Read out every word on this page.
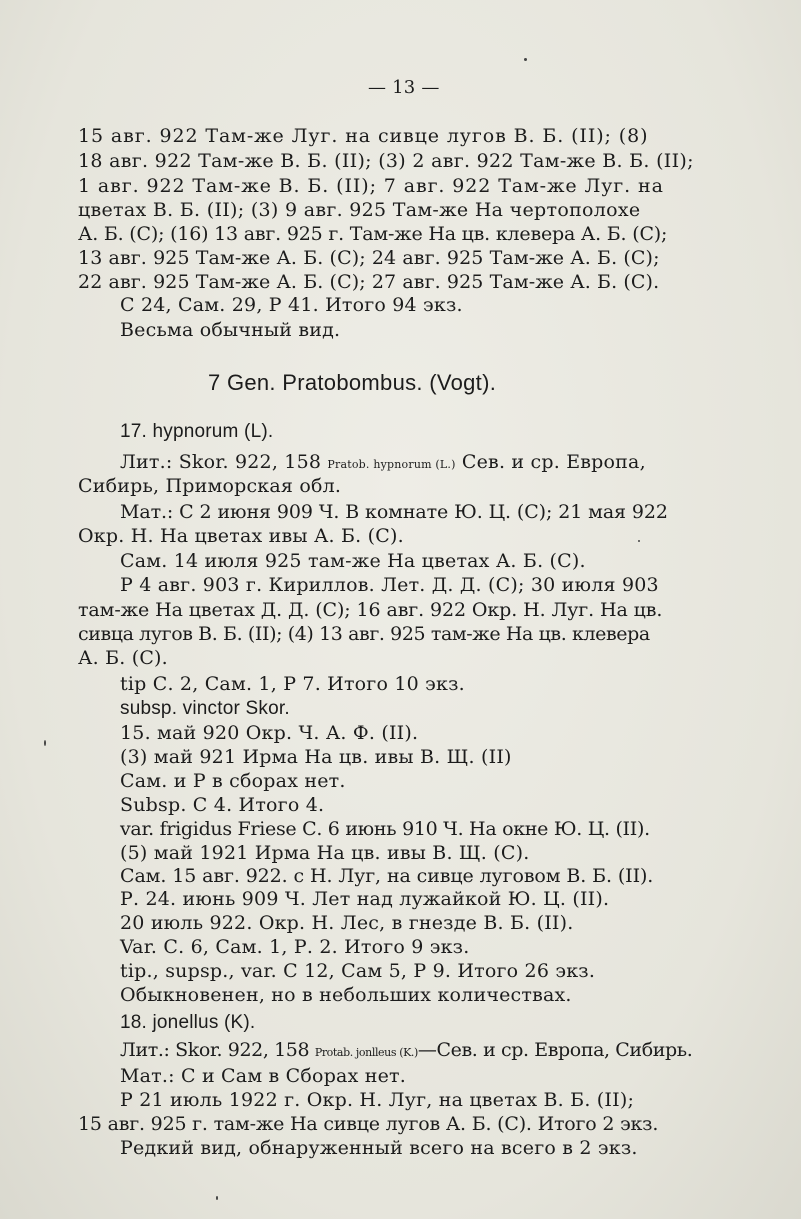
— 13 —
15 авг. 922 Там-же Луг. на сивце лугов В. Б. (II); (8)
18 авг. 922 Там-же В. Б. (II); (3) 2 авг. 922 Там-же В. Б. (II);
1 авг. 922 Там-же В. Б. (II); 7 авг. 922 Там-же Луг. на
цветах В. Б. (II); (3) 9 авг. 925 Там-же На чертополохе
А. Б. (С); (16) 13 авг. 925 г. Там-же На цв. клевера А. Б. (С);
13 авг. 925 Там-же А. Б. (С); 24 авг. 925 Там-же А. Б. (С);
22 авг. 925 Там-же А. Б. (С); 27 авг. 925 Там-же А. Б. (С).
С 24, Сам. 29, Р 41. Итого 94 экз.
Весьма обычный вид.
7 Gen. Pratobombus. (Vogt).
17. hypnorum (L).
Лит.: Skor. 922, 158 Pratob. hypnorum (L.) Сев. и ср. Европа,
Сибирь, Приморская обл.
Мат.: С 2 июня 909 Ч. В комнате Ю. Ц. (С); 21 мая 922
Окр. Н. На цветах ивы А. Б. (С).
Сам. 14 июля 925 там-же На цветах А. Б. (С).
Р 4 авг. 903 г. Кириллов. Лет. Д. Д. (С); 30 июля 903
там-же На цветах Д. Д. (С); 16 авг. 922 Окр. Н. Луг. На цв.
сивца лугов В. Б. (II); (4) 13 авг. 925 там-же На цв. клевера
А. Б. (С).
tip С. 2, Сам. 1, Р 7. Итого 10 экз.
subsp. vinctor Skor.
15. май 920 Окр. Ч. А. Ф. (II).
(3) май 921 Ирма На цв. ивы В. Щ. (II)
Сам. и Р в сборах нет.
Subsp. С 4. Итого 4.
var. frigidus Friese С. 6 июнь 910 Ч. На окне Ю. Ц. (II).
(5) май 1921 Ирма На цв. ивы В. Щ. (С).
Сам. 15 авг. 922. с Н. Луг, на сивце луговом В. Б. (II).
Р. 24. июнь 909 Ч. Лет над лужайкой Ю. Ц. (II).
20 июль 922. Окр. Н. Лес, в гнезде В. Б. (II).
Var. С. 6, Сам. 1, Р. 2. Итого 9 экз.
tip., supsp., var. С 12, Сам 5, Р 9. Итого 26 экз.
Обыкновенен, но в небольших количествах.
18. jonellus (K).
Лит.: Skor. 922, 158 Protab. jonlleus (K.)—Сев. и ср. Европа, Сибирь.
Мат.: С и Сам в Сборах нет.
Р 21 июль 1922 г. Окр. Н. Луг, на цветах В. Б. (II);
15 авг. 925 г. там-же На сивце лугов А. Б. (С). Итого 2 экз.
Редкий вид, обнаруженный всего на всего в 2 экз.
